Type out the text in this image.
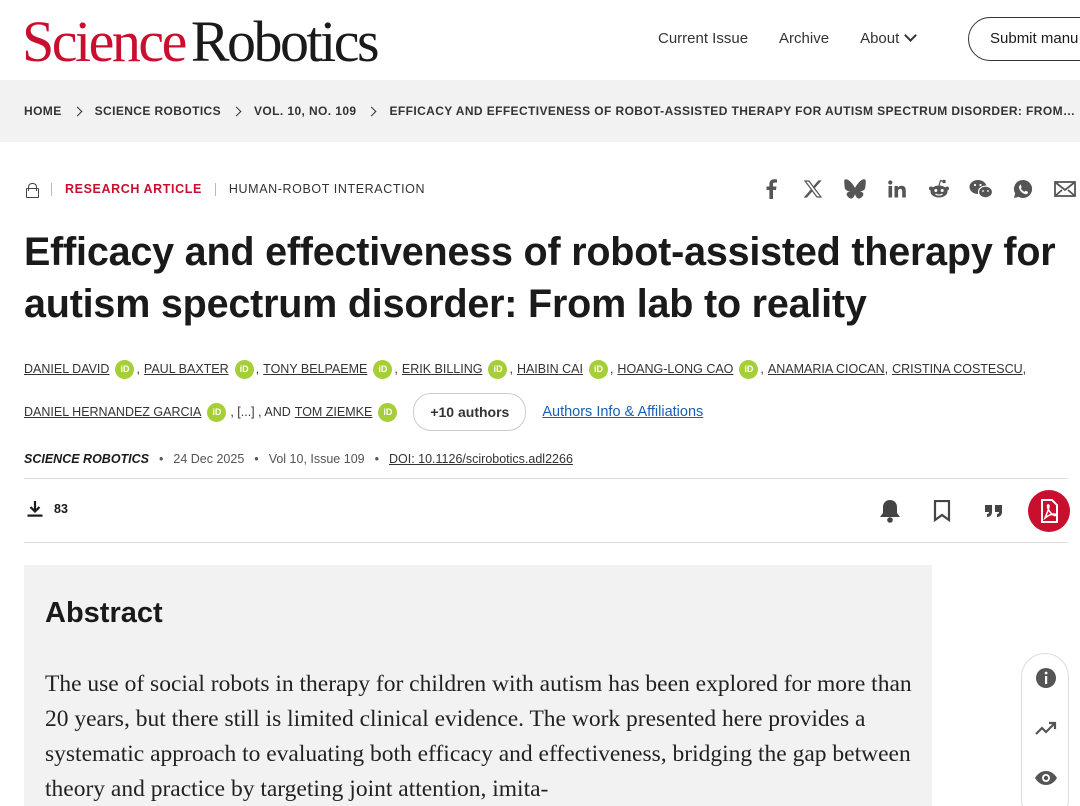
Science Robotics	Current Issue Archive About	Submit manu
HOME	SCIENCE ROBOTICS	VOL. 10, NO. 109	EFFICACY AND EFFECTIVENESS OF ROBOT-ASSISTED THERAPY FOR AUTISM SPECTRUM DISORDER: FROM…
RESEARCH ARTICLE HUMAN-ROBOT INTERACTION
Efficacy and effectiveness of robot-assisted therapy for autism spectrum disorder: From lab to reality
DANIEL DAVID	iD , PAUL BAXTER	iD , TONY BELPAEME	iD , ERIK BILLING	iD , HAIBIN CAI	iD , HOANG-LONG CAO	iD , ANAMARIA CIOCAN , CRISTINA COSTESCU ,
DANIEL HERNANDEZ GARCIA	iD , [...] , AND TOM ZIEMKE	iD	+10 authors	Authors Info & Affiliations
SCIENCE ROBOTICS • 24 Dec 2025 • Vol 10, Issue 109 • DOI: 10.1126/scirobotics.adl2266
83
Abstract

The use of social robots in therapy for children with autism has been explored for more than 20 years, but there still is limited clinical evidence. The work presented here provides a systematic approach to evaluating both efficacy and effectiveness, bridging the gap between theory and practice by targeting joint attention, imita-
